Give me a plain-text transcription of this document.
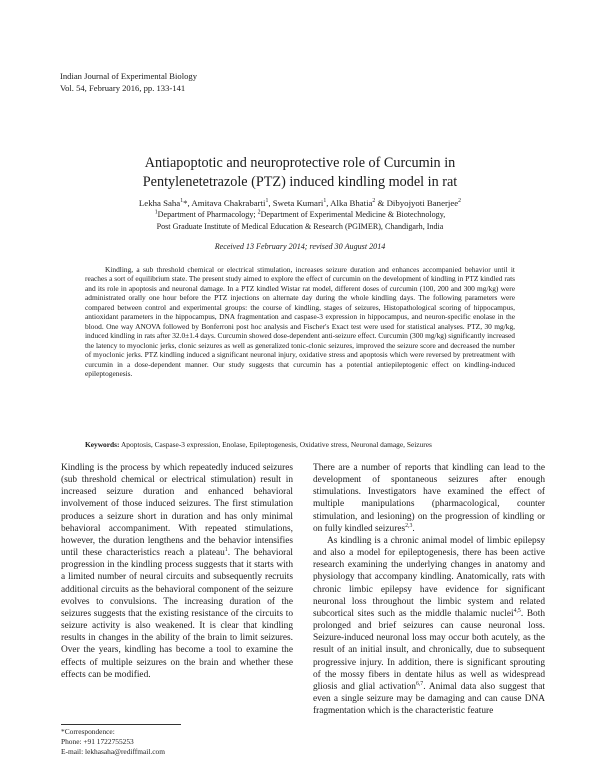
Indian Journal of Experimental Biology
Vol. 54, February 2016, pp. 133-141
Antiapoptotic and neuroprotective role of Curcumin in
Pentylenetetrazole (PTZ) induced kindling model in rat
Lekha Saha$^1$*, Amitava Chakrabarti$^1$, Sweta Kumari$^1$, Alka Bhatia$^2$ & Dibyojyoti Banerjee$^2$
$^1$Department of Pharmacology; $^2$Department of Experimental Medicine & Biotechnology,
Post Graduate Institute of Medical Education & Research (PGIMER), Chandigarh, India
Received 13 February 2014; revised 30 August 2014

Kindling, a sub threshold chemical or electrical stimulation, increases seizure duration and enhances accompanied behavior until it reaches a sort of equilibrium state. The present study aimed to explore the effect of curcumin on the development of kindling in PTZ kindled rats and its role in apoptosis and neuronal damage. In a PTZ kindled Wistar rat model, different doses of curcumin (100, 200 and 300 mg/kg) were administrated orally one hour before the PTZ injections on alternate day during the whole kindling days. The following parameters were compared between control and experimental groups: the course of kindling, stages of seizures, Histopathological scoring of hippocampus, antioxidant parameters in the hippocampus, DNA fragmentation and caspase-3 expression in hippocampus, and neuron-specific enolase in the blood. One way ANOVA followed by Bonferroni post hoc analysis and Fischer's Exact test were used for statistical analyses. PTZ, 30 mg/kg, induced kindling in rats after 32.0±1.4 days. Curcumin showed dose-dependent anti-seizure effect. Curcumin (300 mg/kg) significantly increased the latency to myoclonic jerks, clonic seizures as well as generalized tonic-clonic seizures, improved the seizure score and decreased the number of myoclonic jerks. PTZ kindling induced a significant neuronal injury, oxidative stress and apoptosis which were reversed by pretreatment with curcumin in a dose-dependent manner. Our study suggests that curcumin has a potential antiepileptogenic effect on kindling-induced epileptogenesis.

Keywords: Apoptosis, Caspase-3 expression, Enolase, Epileptogenesis, Oxidative stress, Neuronal damage, Seizures

Kindling is the process by which repeatedly induced seizures (sub threshold chemical or electrical stimulation) result in increased seizure duration and enhanced behavioral involvement of those induced seizures. The first stimulation produces a seizure short in duration and has only minimal behavioral accompaniment. With repeated stimulations, however, the duration lengthens and the behavior intensifies until these characteristics reach a plateau$^1$. The behavioral progression in the kindling process suggests that it starts with a limited number of neural circuits and subsequently recruits additional circuits as the behavioral component of the seizure evolves to convulsions. The increasing duration of the seizures suggests that the existing resistance of the circuits to seizure activity is also weakened. It is clear that kindling results in changes in the ability of the brain to limit seizures. Over the years, kindling has become a tool to examine the effects of multiple seizures on the brain and whether these effects can be modified.

There are a number of reports that kindling can lead to the development of spontaneous seizures after enough stimulations. Investigators have examined the effect of multiple manipulations (pharmacological, counter stimulation, and lesioning) on the progression of kindling or on fully kindled seizures$^{2,3}$.

As kindling is a chronic animal model of limbic epilepsy and also a model for epileptogenesis, there has been active research examining the underlying changes in anatomy and physiology that accompany kindling. Anatomically, rats with chronic limbic epilepsy have evidence for significant neuronal loss throughout the limbic system and related subcortical sites such as the middle thalamic nuclei$^{4,5}$. Both prolonged and brief seizures can cause neuronal loss. Seizure-induced neuronal loss may occur both acutely, as the result of an initial insult, and chronically, due to subsequent progressive injury. In addition, there is significant sprouting of the mossy fibers in dentate hilus as well as widespread gliosis and glial activation$^{6,7}$. Animal data also suggest that even a single seizure may be damaging and can cause DNA fragmentation which is the characteristic feature

*Correspondence:
Phone: +91 1722755253
E-mail: lekhasaha@rediffmail.com
